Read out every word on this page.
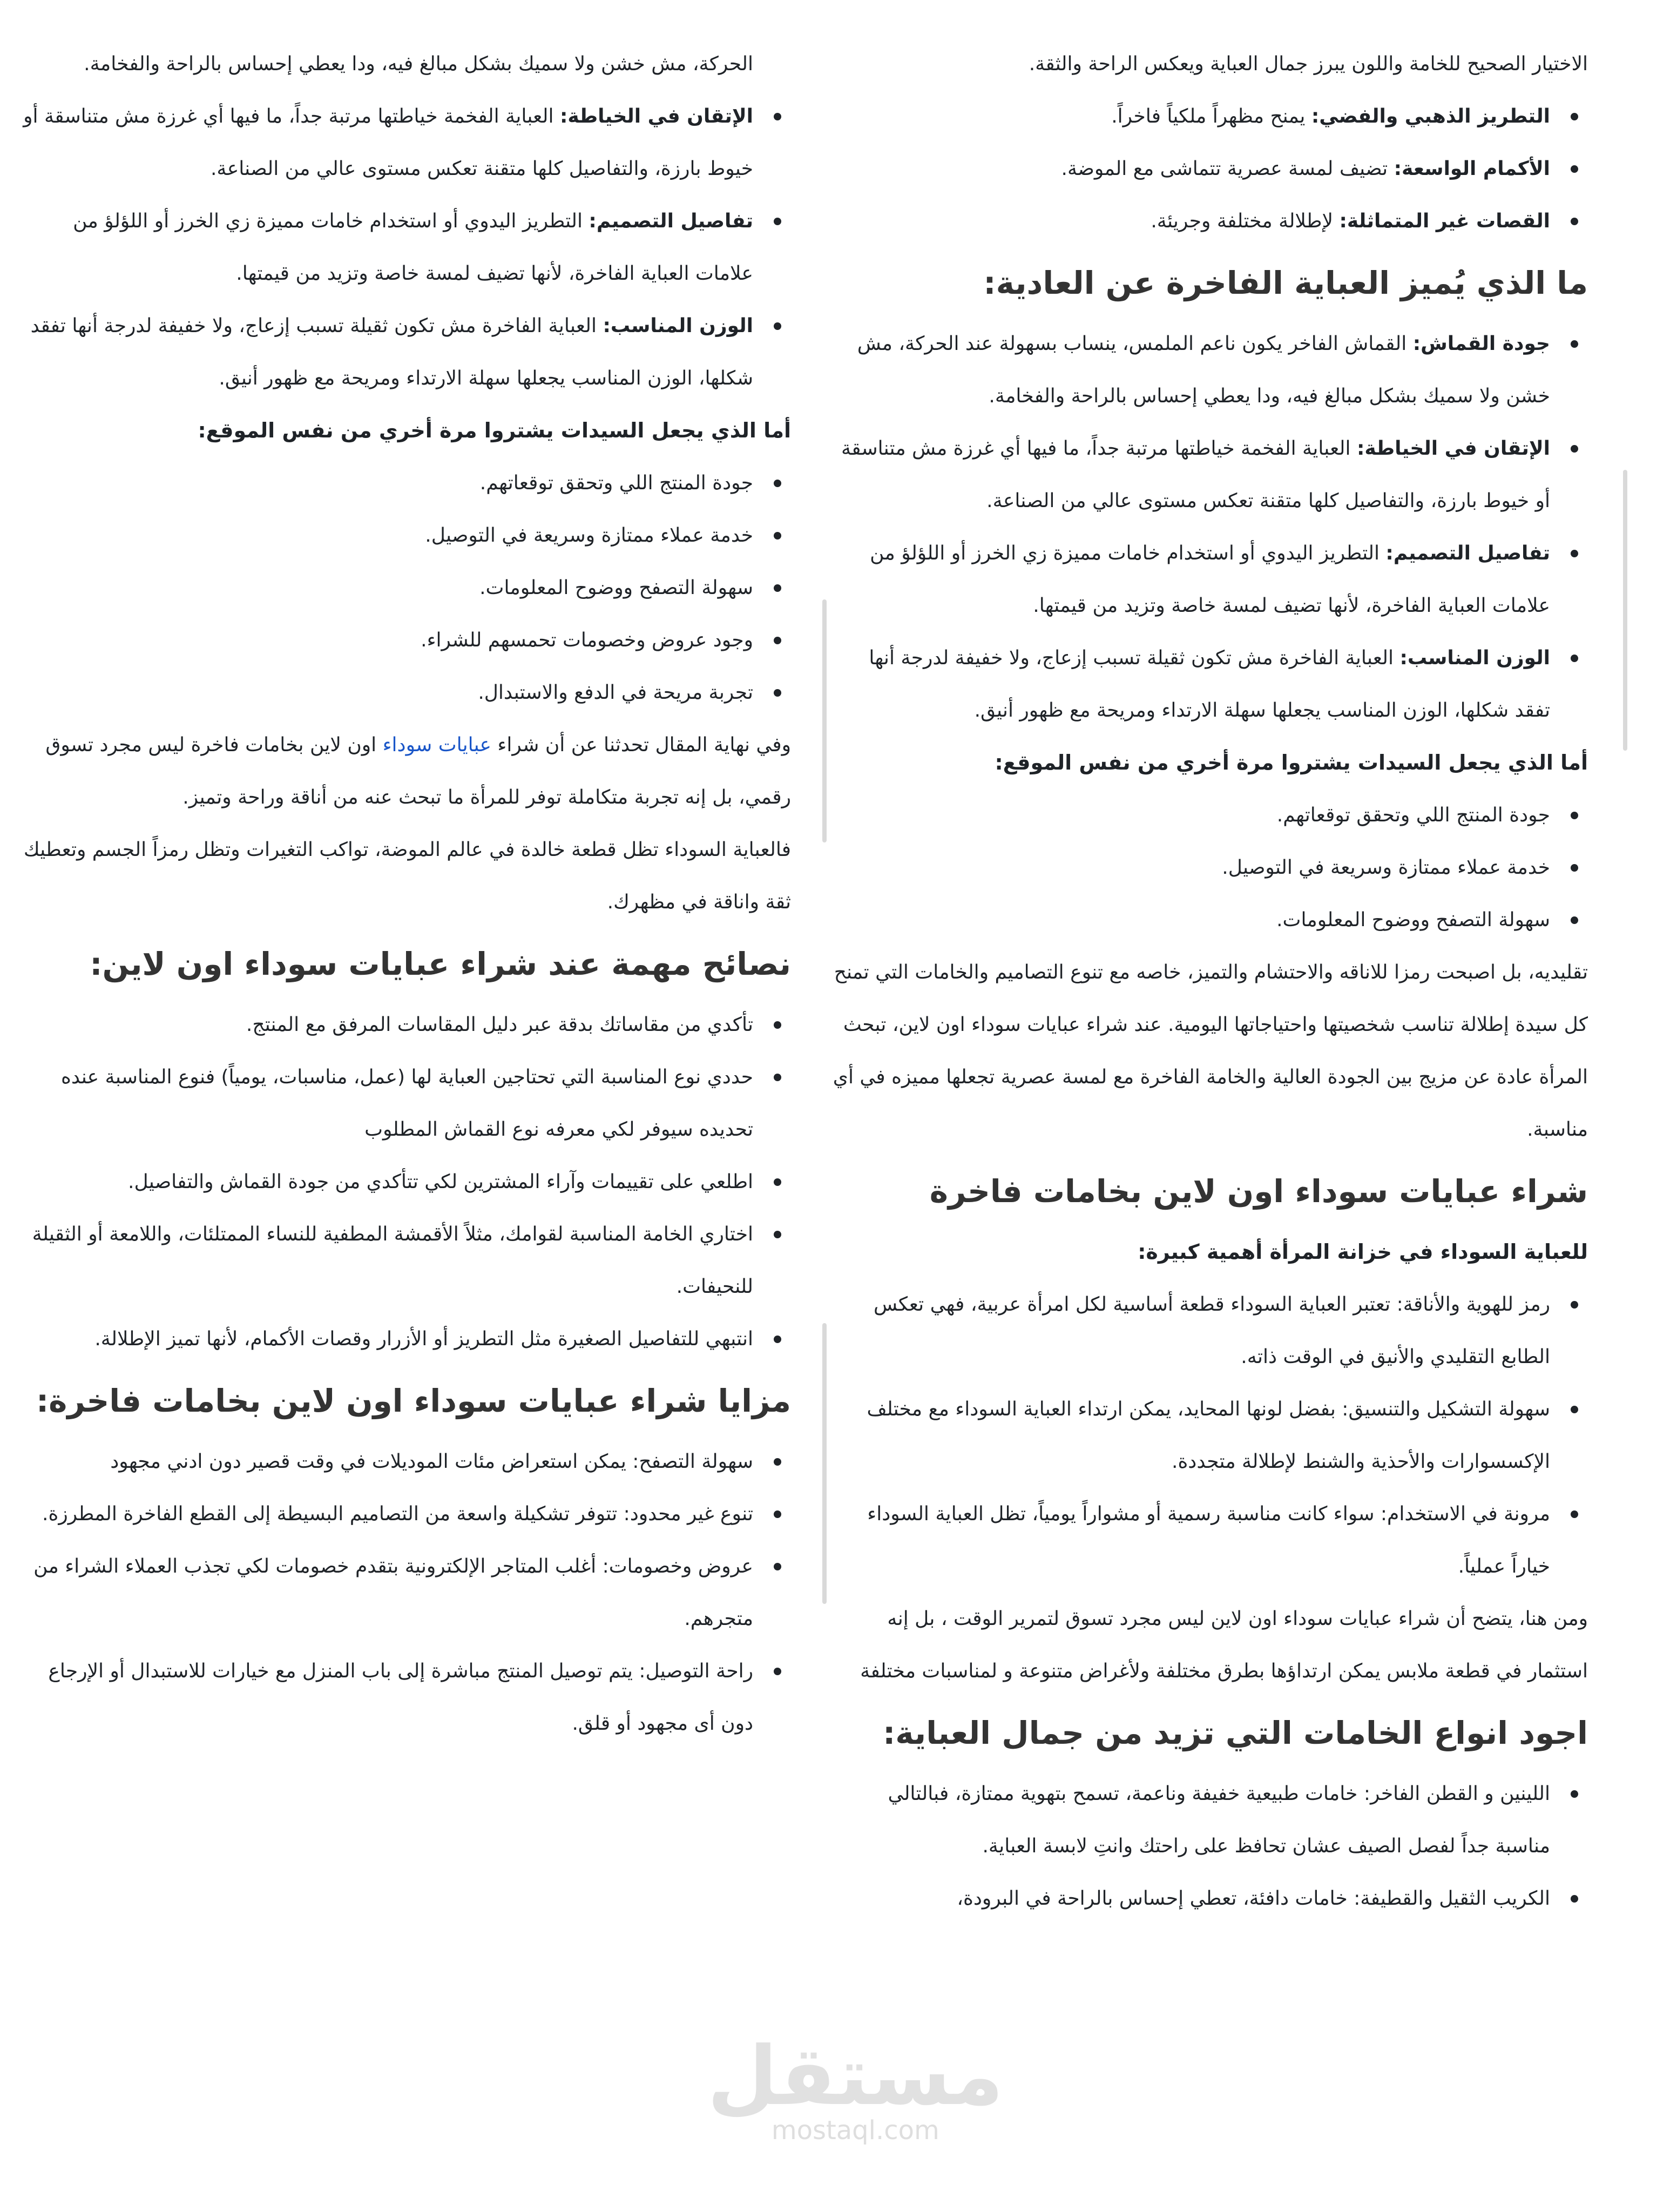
الاختيار الصحيح للخامة واللون يبرز جمال العباية ويعكس الراحة والثقة.

التطريز الذهبي والفضي: يمنح مظهراً ملكياً فاخراً.
الأكمام الواسعة: تضيف لمسة عصرية تتماشى مع الموضة.
القصات غير المتماثلة: لإطلالة مختلفة وجريئة.
ما الذي يُميز العباية الفاخرة عن العادية:
جودة القماش: القماش الفاخر يكون ناعم الملمس، ينساب بسهولة عند الحركة، مش خشن ولا سميك بشكل مبالغ فيه، ودا يعطي إحساس بالراحة والفخامة.
الإتقان في الخياطة: العباية الفخمة خياطتها مرتبة جداً، ما فيها أي غرزة مش متناسقة أو خيوط بارزة، والتفاصيل كلها متقنة تعكس مستوى عالي من الصناعة.
تفاصيل التصميم: التطريز اليدوي أو استخدام خامات مميزة زي الخرز أو اللؤلؤ من علامات العباية الفاخرة، لأنها تضيف لمسة خاصة وتزيد من قيمتها.
الوزن المناسب: العباية الفاخرة مش تكون ثقيلة تسبب إزعاج، ولا خفيفة لدرجة أنها تفقد شكلها، الوزن المناسب يجعلها سهلة الارتداء ومريحة مع ظهور أنيق.
أما الذي يجعل السيدات يشتروا مرة أخري من نفس الموقع:
جودة المنتج اللي وتحقق توقعاتهم.
خدمة عملاء ممتازة وسريعة في التوصيل.
سهولة التصفح ووضوح المعلومات.

تقليديه، بل اصبحت رمزا للاناقه والاحتشام والتميز، خاصه مع تنوع التصاميم والخامات التي تمنح كل سيدة إطلالة تناسب شخصيتها واحتياجاتها اليومية. عند شراء عبايات سوداء اون لاين، تبحث المرأة عادة عن مزيج بين الجودة العالية والخامة الفاخرة مع لمسة عصرية تجعلها مميزه في أي مناسبة.

شراء عبايات سوداء اون لاين بخامات فاخرة
للعباية السوداء في خزانة المرأة أهمية كبيرة:
رمز للهوية والأناقة: تعتبر العباية السوداء قطعة أساسية لكل امرأة عربية، فهي تعكس الطابع التقليدي والأنيق في الوقت ذاته.
سهولة التشكيل والتنسيق: بفضل لونها المحايد، يمكن ارتداء العباية السوداء مع مختلف الإكسسوارات والأحذية والشنط لإطلالة متجددة.
مرونة في الاستخدام: سواء كانت مناسبة رسمية أو مشواراً يومياً، تظل العباية السوداء خياراً عملياً.

ومن هنا، يتضح أن شراء عبايات سوداء اون لاين ليس مجرد تسوق لتمرير الوقت ، بل إنه استثمار في قطعة ملابس يمكن ارتداؤها بطرق مختلفة ولأغراض متنوعة و لمناسبات مختلفة

اجود انواع الخامات التي تزيد من جمال العباية:
اللينين و القطن الفاخر: خامات طبيعية خفيفة وناعمة، تسمح بتهوية ممتازة، فبالتالي مناسبة جداً لفصل الصيف عشان تحافظ على راحتك وانتِ لابسة العباية.
الكريب الثقيل والقطيفة: خامات دافئة، تعطي إحساس بالراحة في البرودة،

الحركة، مش خشن ولا سميك بشكل مبالغ فيه، ودا يعطي إحساس بالراحة والفخامة.

الإتقان في الخياطة: العباية الفخمة خياطتها مرتبة جداً، ما فيها أي غرزة مش متناسقة أو خيوط بارزة، والتفاصيل كلها متقنة تعكس مستوى عالي من الصناعة.
تفاصيل التصميم: التطريز اليدوي أو استخدام خامات مميزة زي الخرز أو اللؤلؤ من علامات العباية الفاخرة، لأنها تضيف لمسة خاصة وتزيد من قيمتها.
الوزن المناسب: العباية الفاخرة مش تكون ثقيلة تسبب إزعاج، ولا خفيفة لدرجة أنها تفقد شكلها، الوزن المناسب يجعلها سهلة الارتداء ومريحة مع ظهور أنيق.
أما الذي يجعل السيدات يشتروا مرة أخري من نفس الموقع:
جودة المنتج اللي وتحقق توقعاتهم.
خدمة عملاء ممتازة وسريعة في التوصيل.
سهولة التصفح ووضوح المعلومات.
وجود عروض وخصومات تحمسهم للشراء.
تجربة مريحة في الدفع والاستبدال.

وفي نهاية المقال تحدثنا عن أن شراء عبايات سوداء اون لاين بخامات فاخرة ليس مجرد تسوق رقمي، بل إنه تجربة متكاملة توفر للمرأة ما تبحث عنه من أناقة وراحة وتميز.

فالعباية السوداء تظل قطعة خالدة في عالم الموضة، تواكب التغيرات وتظل رمزاً الجسم وتعطيك ثقة واناقة في مظهرك.

نصائح مهمة عند شراء عبايات سوداء اون لاين:
تأكدي من مقاساتك بدقة عبر دليل المقاسات المرفق مع المنتج.
حددي نوع المناسبة التي تحتاجين العباية لها (عمل، مناسبات، يومياً) فنوع المناسبة عنده تحديده سيوفر لكي معرفه نوع القماش المطلوب
اطلعي على تقييمات وآراء المشترين لكي تتأكدي من جودة القماش والتفاصيل.
اختاري الخامة المناسبة لقوامك، مثلاً الأقمشة المطفية للنساء الممتلئات، واللامعة أو الثقيلة للنحيفات.
انتبهي للتفاصيل الصغيرة مثل التطريز أو الأزرار وقصات الأكمام، لأنها تميز الإطلالة.
مزايا شراء عبايات سوداء اون لاين بخامات فاخرة:
سهولة التصفح: يمكن استعراض مئات الموديلات في وقت قصير دون ادني مجهود
تنوع غير محدود: تتوفر تشكيلة واسعة من التصاميم البسيطة إلى القطع الفاخرة المطرزة.
عروض وخصومات: أغلب المتاجر الإلكترونية بتقدم خصومات لكي تجذب العملاء الشراء من متجرهم.
راحة التوصيل: يتم توصيل المنتج مباشرة إلى باب المنزل مع خيارات للاستبدال أو الإرجاع دون أى مجهود أو قلق.
مستقل
mostaql.com
